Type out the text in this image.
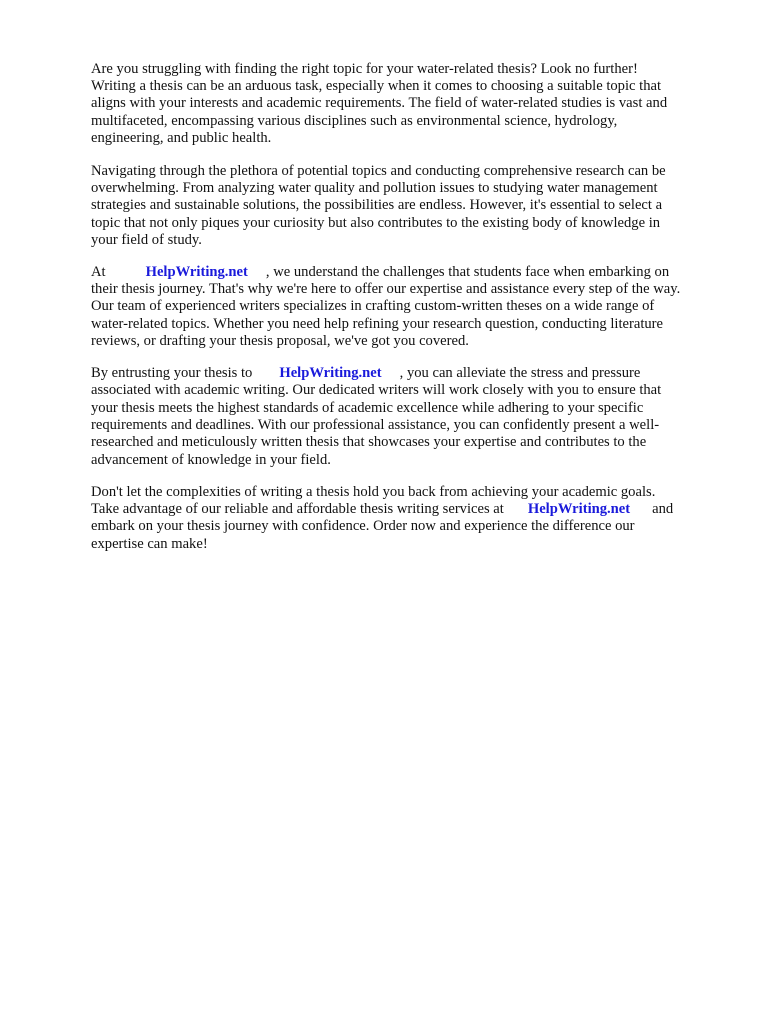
Are you struggling with finding the right topic for your water-related thesis? Look no further!

Writing a thesis can be an arduous task, especially when it comes to choosing a suitable topic that

aligns with your interests and academic requirements. The field of water-related studies is vast and

multifaceted, encompassing various disciplines such as environmental science, hydrology,

engineering, and public health.

Navigating through the plethora of potential topics and conducting comprehensive research can be

overwhelming. From analyzing water quality and pollution issues to studying water management

strategies and sustainable solutions, the possibilities are endless. However, it's essential to select a

topic that not only piques your curiosity but also contributes to the existing body of knowledge in

your field of study.

At	HelpWriting.net , we understand the challenges that students face when embarking on

their thesis journey. That's why we're here to offer our expertise and assistance every step of the way.

Our team of experienced writers specializes in crafting custom-written theses on a wide range of

water-related topics. Whether you need help refining your research question, conducting literature

reviews, or drafting your thesis proposal, we've got you covered.

By entrusting your thesis to HelpWriting.net , you can alleviate the stress and pressure

associated with academic writing. Our dedicated writers will work closely with you to ensure that

your thesis meets the highest standards of academic excellence while adhering to your specific

requirements and deadlines. With our professional assistance, you can confidently present a well-

researched and meticulously written thesis that showcases your expertise and contributes to the

advancement of knowledge in your field.

Don't let the complexities of writing a thesis hold you back from achieving your academic goals.

Take advantage of our reliable and affordable thesis writing services at HelpWriting.net and

embark on your thesis journey with confidence. Order now and experience the difference our

expertise can make!
